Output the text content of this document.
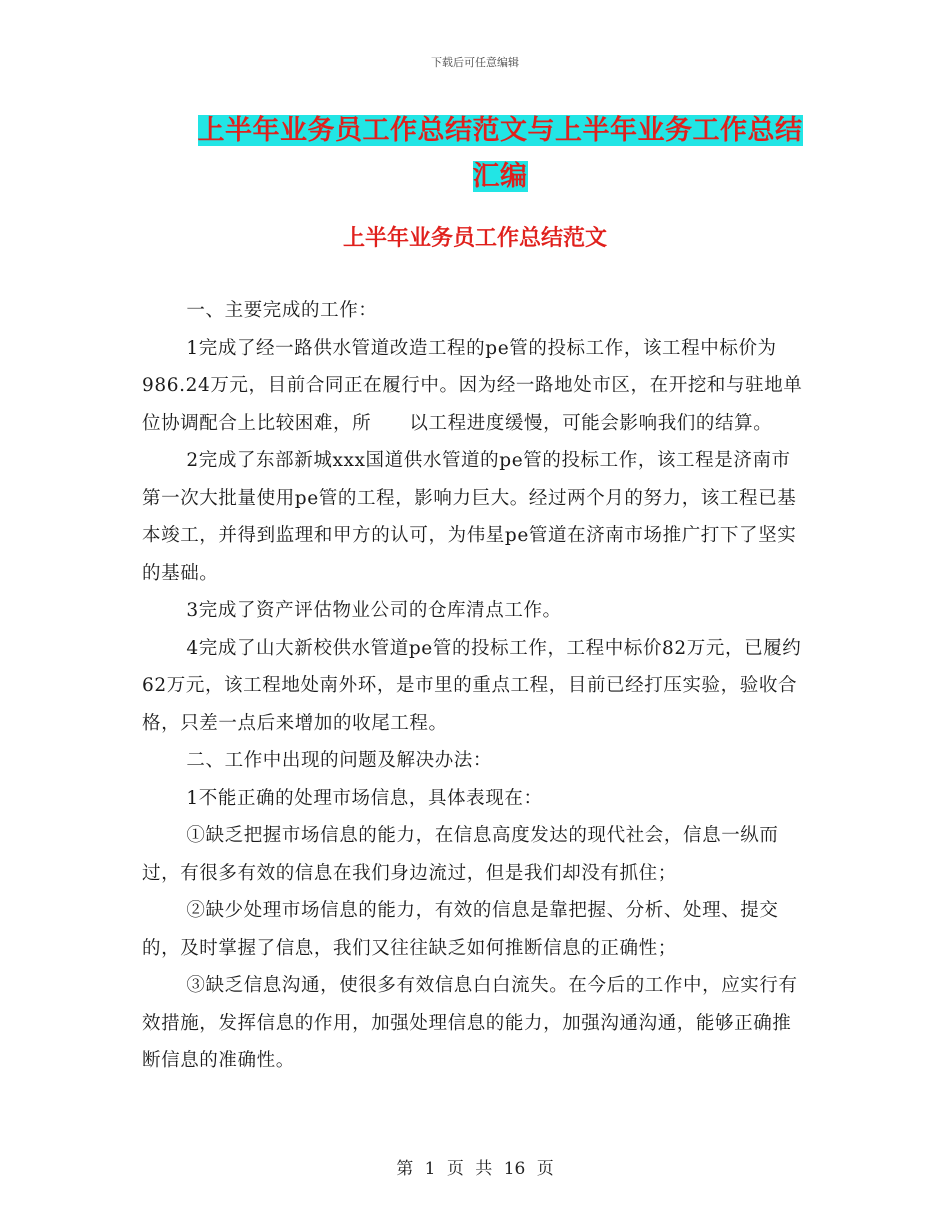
下载后可任意编辑
上半年业务员工作总结范文与上半年业务工作总结汇编
上半年业务员工作总结范文

一、主要完成的工作：

1完成了经一路供水管道改造工程的pe管的投标工作，该工程中标价为986.24万元，目前合同正在履行中。因为经一路地处市区，在开挖和与驻地单位协调配合上比较困难，所　　以工程进度缓慢，可能会影响我们的结算。

2完成了东部新城xxx国道供水管道的pe管的投标工作，该工程是济南市第一次大批量使用pe管的工程，影响力巨大。经过两个月的努力，该工程已基本竣工，并得到监理和甲方的认可，为伟星pe管道在济南市场推广打下了坚实的基础。

3完成了资产评估物业公司的仓库清点工作。

4完成了山大新校供水管道pe管的投标工作，工程中标价82万元，已履约62万元，该工程地处南外环，是市里的重点工程，目前已经打压实验，验收合格，只差一点后来增加的收尾工程。

二、工作中出现的问题及解决办法：

1不能正确的处理市场信息，具体表现在：

①缺乏把握市场信息的能力，在信息高度发达的现代社会，信息一纵而过，有很多有效的信息在我们身边流过，但是我们却没有抓住；

②缺少处理市场信息的能力，有效的信息是靠把握、分析、处理、提交的，及时掌握了信息，我们又往往缺乏如何推断信息的正确性；

③缺乏信息沟通，使很多有效信息白白流失。在今后的工作中，应实行有效措施，发挥信息的作用，加强处理信息的能力，加强沟通沟通，能够正确推断信息的准确性。

第 1 页 共 16 页
